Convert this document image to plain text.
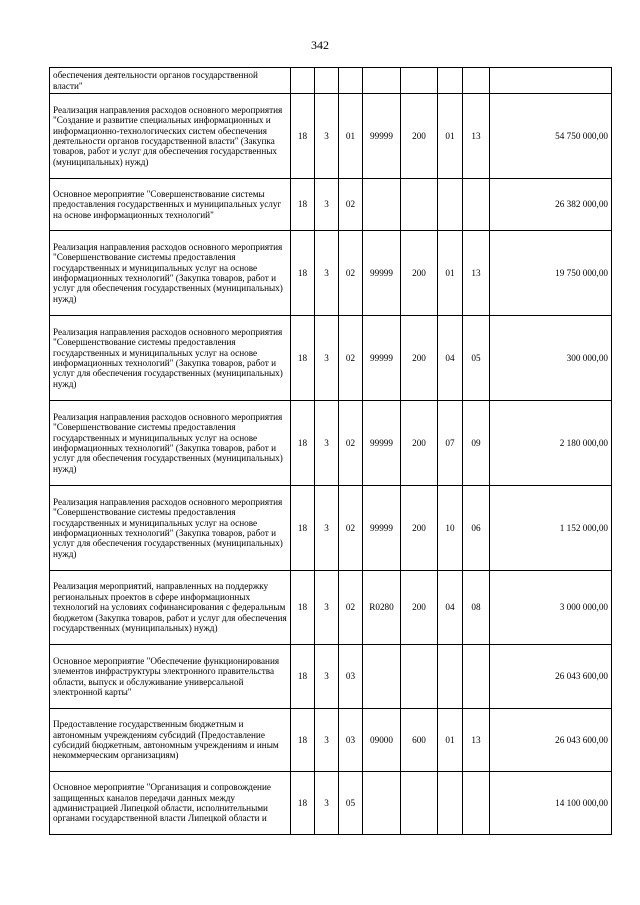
342
обеспечения деятельности органов государственной власти"								
Реализация направления расходов основного мероприятия "Создание и развитие специальных информационных и информационно-технологических систем обеспечения деятельности органов государственной власти" (Закупка товаров, работ и услуг для обеспечения государственных (муниципальных) нужд)	18	3	01	99999	200	01	13	54 750 000,00
Основное мероприятие "Совершенствование системы предоставления государственных и муниципальных услуг на основе информационных технологий"	18	3	02					26 382 000,00
Реализация направления расходов основного мероприятия "Совершенствование системы предоставления государственных и муниципальных услуг на основе информационных технологий" (Закупка товаров, работ и услуг для обеспечения государственных (муниципальных) нужд)	18	3	02	99999	200	01	13	19 750 000,00
Реализация направления расходов основного мероприятия "Совершенствование системы предоставления государственных и муниципальных услуг на основе информационных технологий" (Закупка товаров, работ и услуг для обеспечения государственных (муниципальных) нужд)	18	3	02	99999	200	04	05	300 000,00
Реализация направления расходов основного мероприятия "Совершенствование системы предоставления государственных и муниципальных услуг на основе информационных технологий" (Закупка товаров, работ и услуг для обеспечения государственных (муниципальных) нужд)	18	3	02	99999	200	07	09	2 180 000,00
Реализация направления расходов основного мероприятия "Совершенствование системы предоставления государственных и муниципальных услуг на основе информационных технологий" (Закупка товаров, работ и услуг для обеспечения государственных (муниципальных) нужд)	18	3	02	99999	200	10	06	1 152 000,00
Реализация мероприятий, направленных на поддержку региональных проектов в сфере информационных технологий на условиях софинансирования с федеральным бюджетом (Закупка товаров, работ и услуг для обеспечения государственных (муниципальных) нужд)	18	3	02	R0280	200	04	08	3 000 000,00
Основное мероприятие "Обеспечение функционирования элементов инфраструктуры электронного правительства области, выпуск и обслуживание универсальной электронной карты"	18	3	03					26 043 600,00
Предоставление государственным бюджетным и автономным учреждениям субсидий (Предоставление субсидий бюджетным, автономным учреждениям и иным некоммерческим организациям)	18	3	03	09000	600	01	13	26 043 600,00
Основное мероприятие "Организация и сопровождение защищенных каналов передачи данных между администрацией Липецкой области, исполнительными органами государственной власти Липецкой области и	18	3	05					14 100 000,00
